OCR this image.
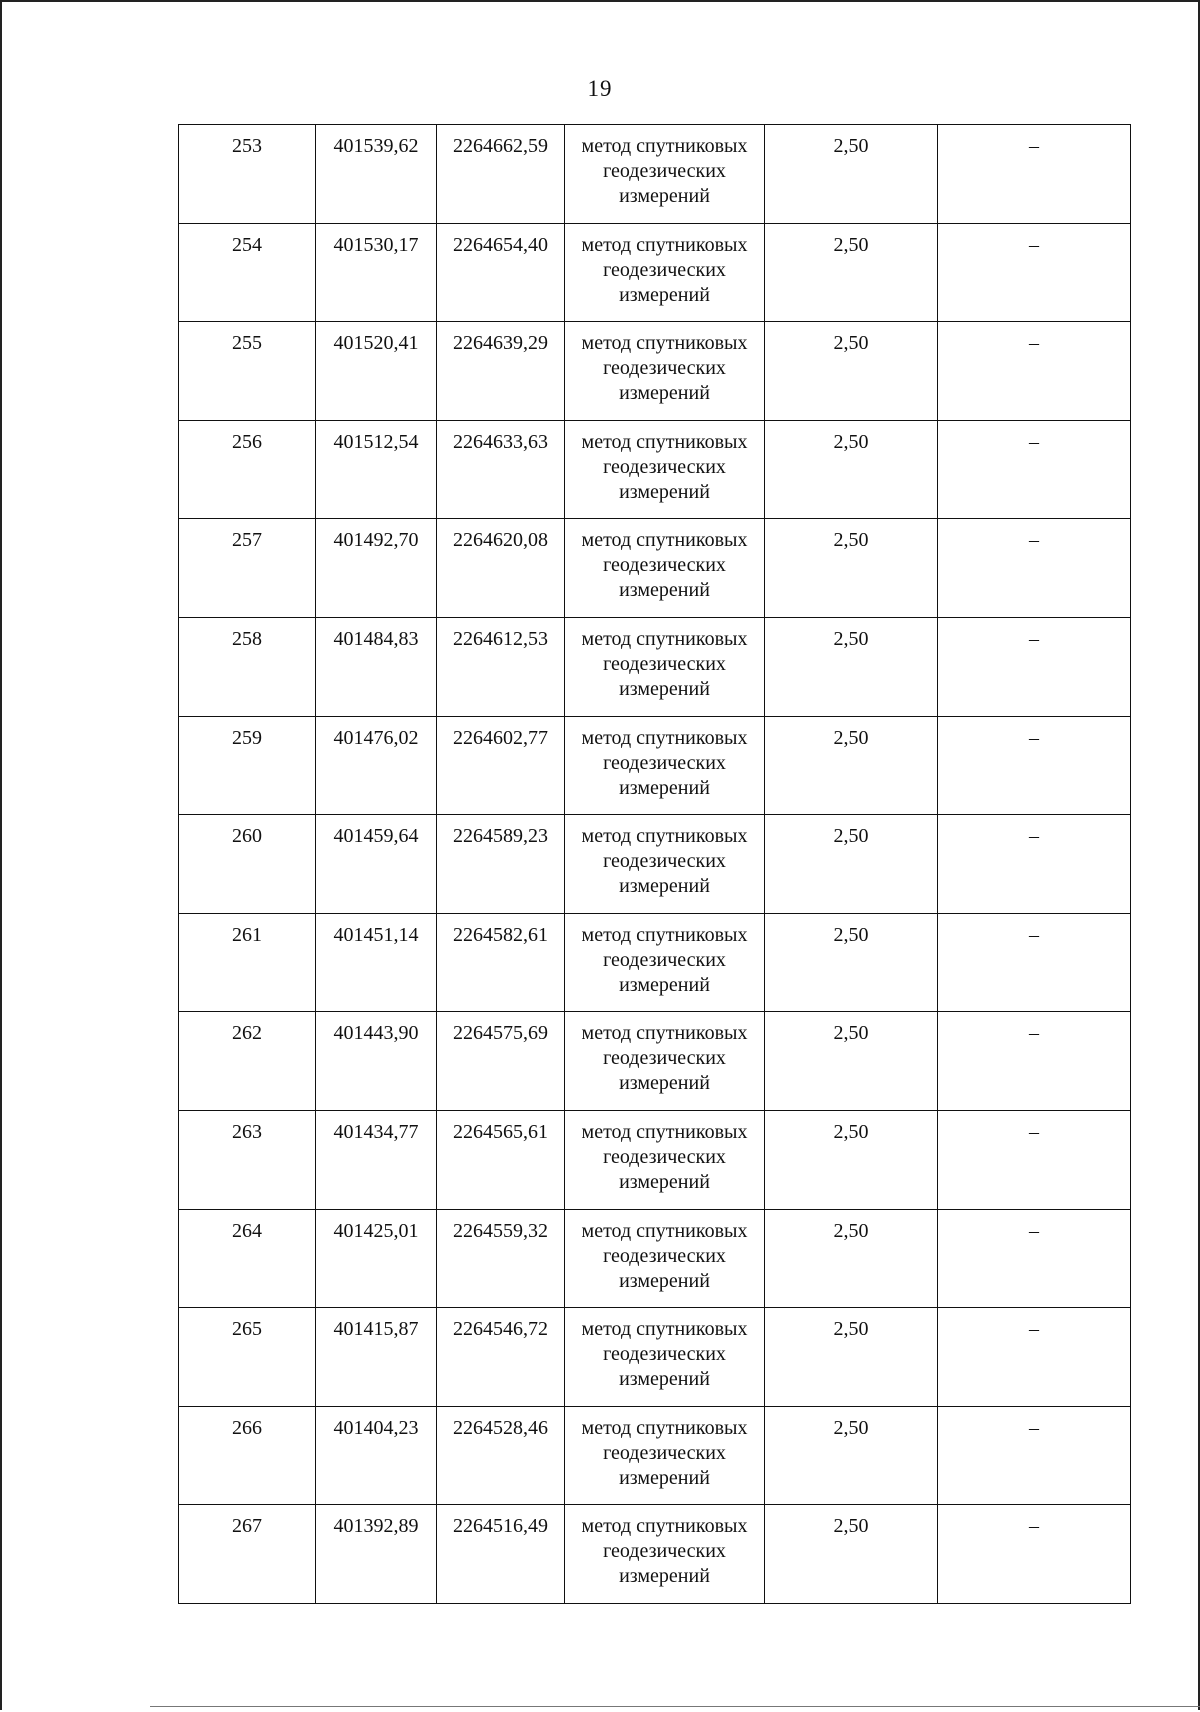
19
253	401539,62	2264662,59	метод спутниковых геодезических измерений	2,50	–
254	401530,17	2264654,40	метод спутниковых геодезических измерений	2,50	–
255	401520,41	2264639,29	метод спутниковых геодезических измерений	2,50	–
256	401512,54	2264633,63	метод спутниковых геодезических измерений	2,50	–
257	401492,70	2264620,08	метод спутниковых геодезических измерений	2,50	–
258	401484,83	2264612,53	метод спутниковых геодезических измерений	2,50	–
259	401476,02	2264602,77	метод спутниковых геодезических измерений	2,50	–
260	401459,64	2264589,23	метод спутниковых геодезических измерений	2,50	–
261	401451,14	2264582,61	метод спутниковых геодезических измерений	2,50	–
262	401443,90	2264575,69	метод спутниковых геодезических измерений	2,50	–
263	401434,77	2264565,61	метод спутниковых геодезических измерений	2,50	–
264	401425,01	2264559,32	метод спутниковых геодезических измерений	2,50	–
265	401415,87	2264546,72	метод спутниковых геодезических измерений	2,50	–
266	401404,23	2264528,46	метод спутниковых геодезических измерений	2,50	–
267	401392,89	2264516,49	метод спутниковых геодезических измерений	2,50	–
